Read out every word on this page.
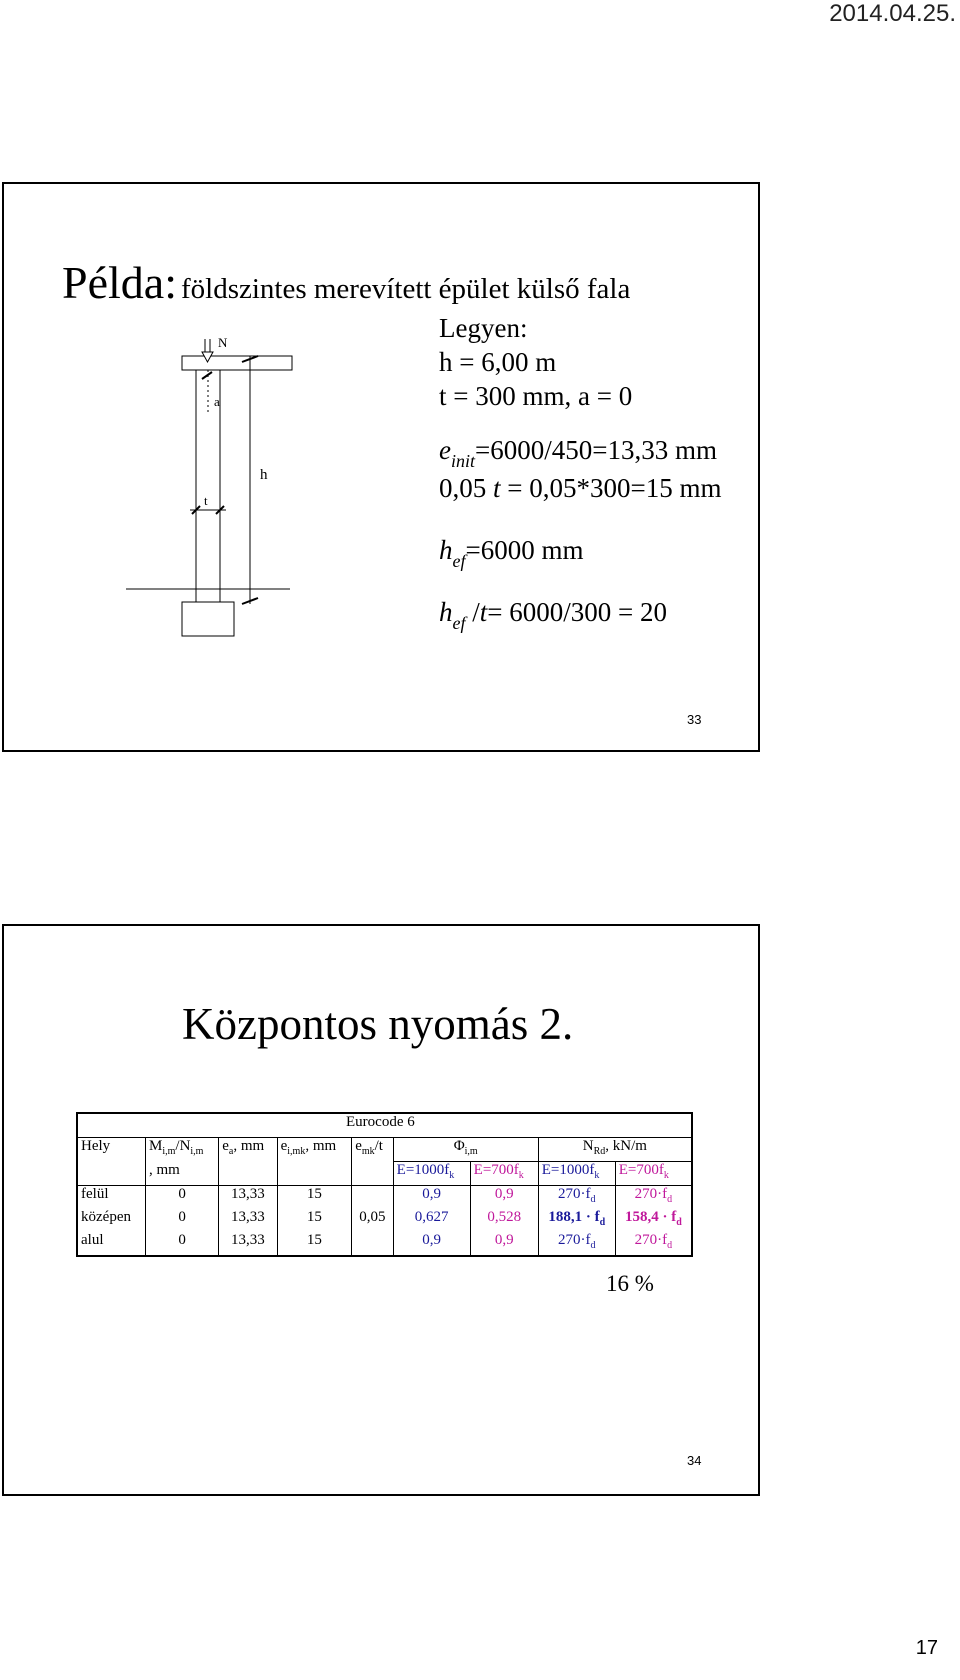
2014.04.25.
Példa: földszintes merevített épület külső fala
N
a
h
t
Legyen:
h = 6,00 m
t = 300 mm, a = 0
$e_{init}=6000/450=13,33$ mm
0,05 t = 0,05*300=15 mm
$h_{ef}=6000$ mm
$h_{ef}$ /t= 6000/300 = 20
33
Központos nyomás 2.
	Eurocode 6							
Hely	$M_{i,m}/N_{i,m}$	$e_a$, mm	$e_{i,mk}$, mm	$e_{mk}/t$	$\Phi_{i,m}$		$N_{Rd}$, kN/m	
	, mm				$E=1000f_k$	$E=700f_k$	$E=1000f_k$	$E=700f_k$
felül	0	13,33	15		0,9	0,9	$270\cdot f_d$	$270\cdot f_d$
középen	0	13,33	15	0,05	0,627	0,528	$188,1 \cdot f_d$	$158,4 \cdot f_d$
alul	0	13,33	15		0,9	0,9	$270\cdot f_d$	$270\cdot f_d$
16 %
34
17
